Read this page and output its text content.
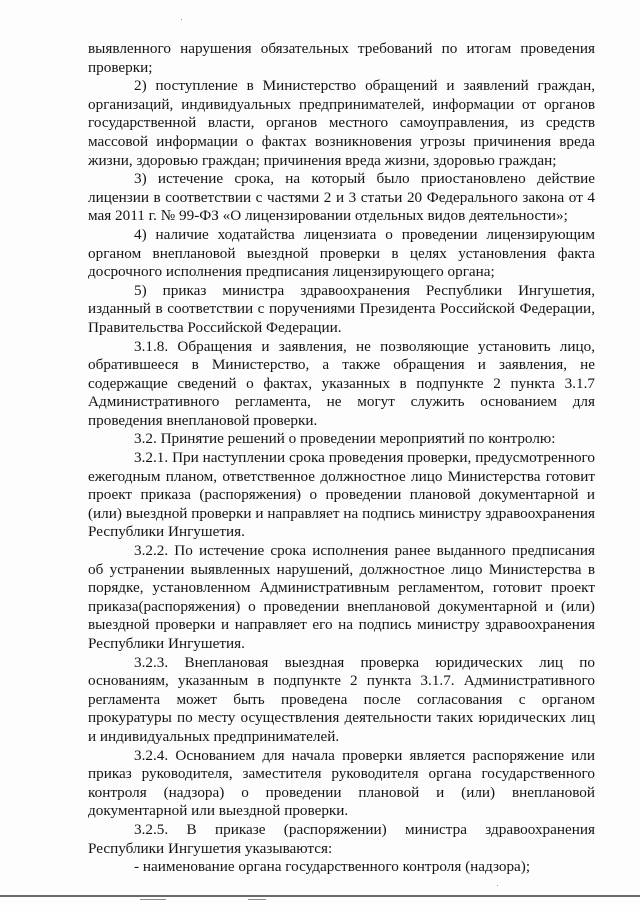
выявленного нарушения обязательных требований по итогам проведения проверки;

2) поступление в Министерство обращений и заявлений граждан, организаций, индивидуальных предпринимателей, информации от органов государственной власти, органов местного самоуправления, из средств массовой информации о фактах возникновения угрозы причинения вреда жизни, здоровью граждан; причинения вреда жизни, здоровью граждан;

3) истечение срока, на который было приостановлено действие лицензии в соответствии с частями 2 и 3 статьи 20 Федерального закона от 4 мая 2011 г. № 99-ФЗ «О лицензировании отдельных видов деятельности»;

4) наличие ходатайства лицензиата о проведении лицензирующим органом внеплановой выездной проверки в целях установления факта досрочного исполнения предписания лицензирующего органа;

5) приказ министра здравоохранения Республики Ингушетия, изданный в соответствии с поручениями Президента Российской Федерации, Правительства Российской Федерации.

3.1.8. Обращения и заявления, не позволяющие установить лицо, обратившееся в Министерство, а также обращения и заявления, не содержащие сведений о фактах, указанных в подпункте 2 пункта 3.1.7 Административного регламента, не могут служить основанием для проведения внеплановой проверки.

3.2. Принятие решений о проведении мероприятий по контролю:

3.2.1. При наступлении срока проведения проверки, предусмотренного ежегодным планом, ответственное должностное лицо Министерства готовит проект приказа (распоряжения) о проведении плановой документарной и (или) выездной проверки и направляет на подпись министру здравоохранения Республики Ингушетия.

3.2.2. По истечение срока исполнения ранее выданного предписания об устранении выявленных нарушений, должностное лицо Министерства в порядке, установленном Административным регламентом, готовит проект приказа(распоряжения) о проведении внеплановой документарной и (или) выездной проверки и направляет его на подпись министру здравоохранения Республики Ингушетия.

3.2.3. Внеплановая выездная проверка юридических лиц по основаниям, указанным в подпункте 2 пункта 3.1.7. Административного регламента может быть проведена после согласования с органом прокуратуры по месту осуществления деятельности таких юридических лиц и индивидуальных предпринимателей.

3.2.4. Основанием для начала проверки является распоряжение или приказ руководителя, заместителя руководителя органа государственного контроля (надзора) о проведении плановой и (или) внеплановой документарной или выездной проверки.

3.2.5. В приказе (распоряжении) министра здравоохранения Республики Ингушетия указываются:

- наименование органа государственного контроля (надзора);
